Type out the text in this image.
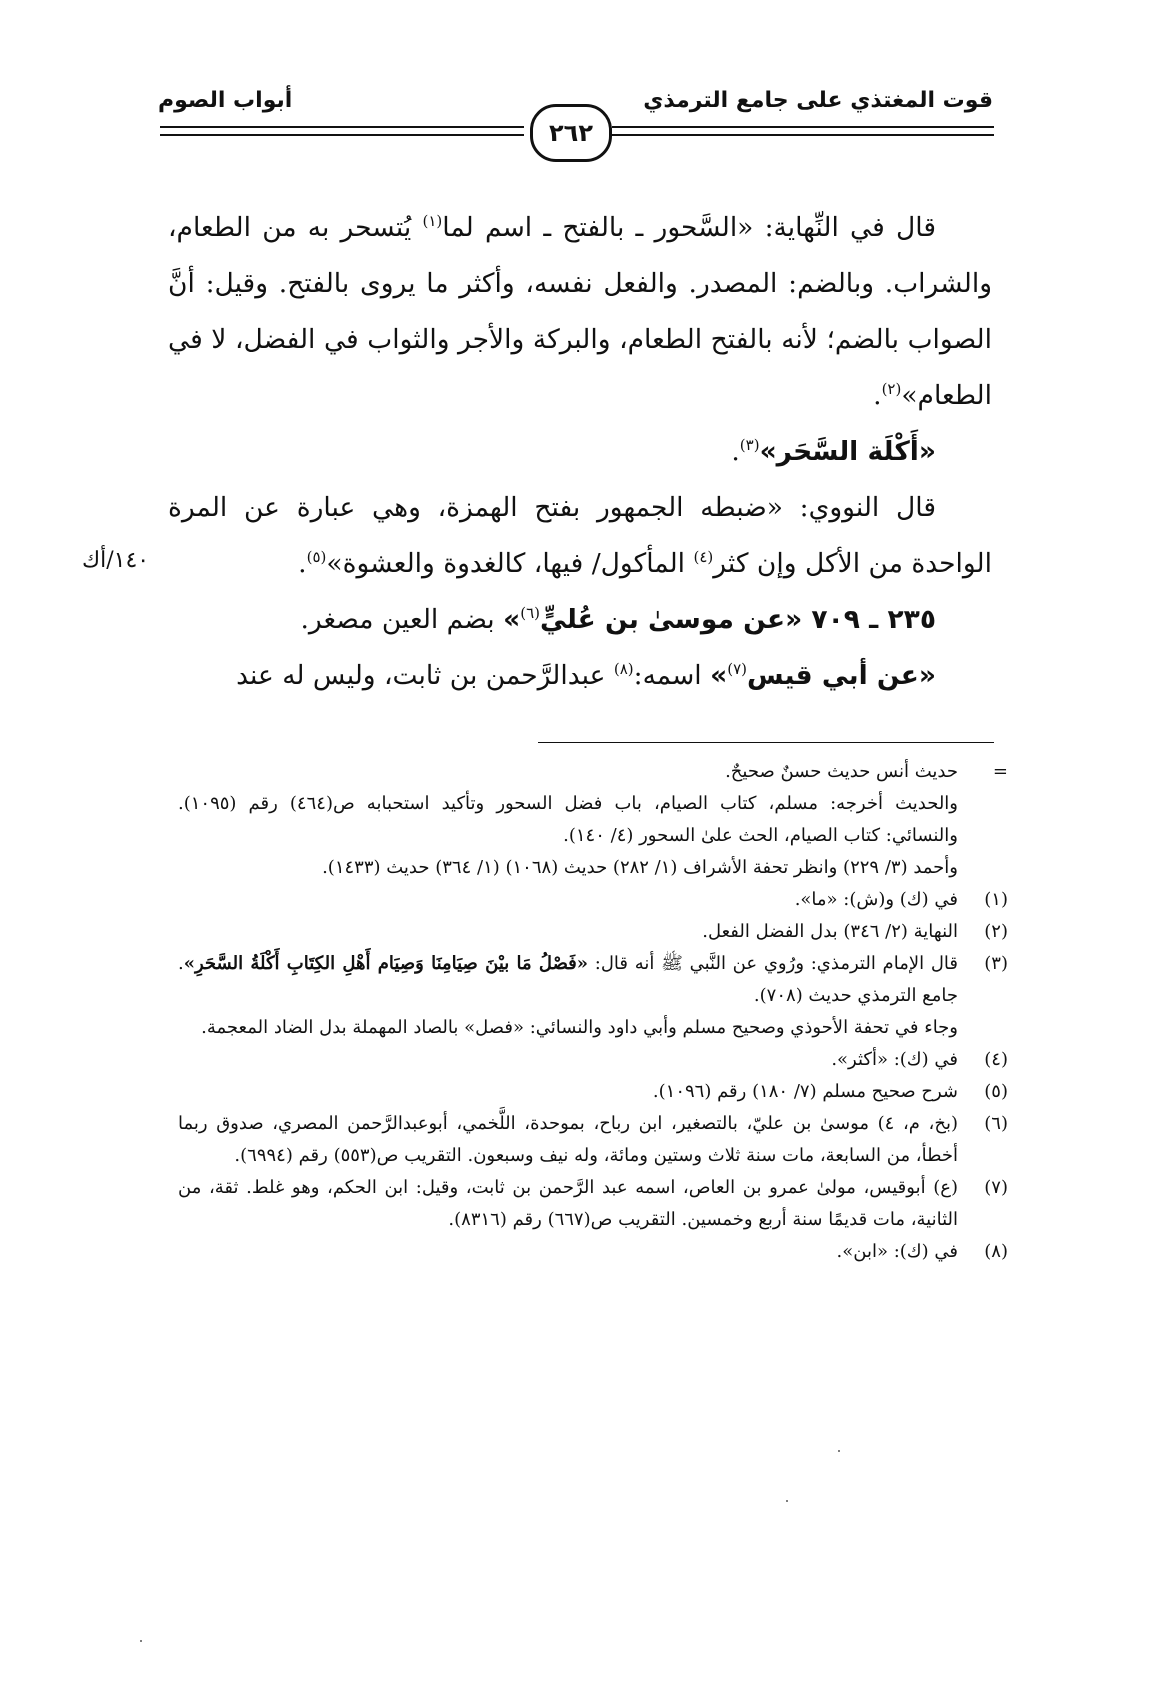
قوت المغتذي على جامع الترمذي
٢٦٢
أبواب الصوم

قال في النِّهاية: «السَّحور ـ بالفتح ـ اسم لما$^{(١)}$ يُتسحر به من الطعام، والشراب. وبالضم: المصدر. والفعل نفسه، وأكثر ما يروى بالفتح. وقيل: أنَّ الصواب بالضم؛ لأنه بالفتح الطعام، والبركة والأجر والثواب في الفضل، لا في الطعام»$^{(٢)}$.

«أَكْلَة السَّحَر»$^{(٣)}$.

قال النووي: «ضبطه الجمهور بفتح الهمزة، وهي عبارة عن المرة الواحدة من الأكل وإن كثر$^{(٤)}$ المأكول/ فيها، كالغدوة والعشوة»$^{(٥)}$.

٢٣٥ ـ ٧٠٩ «عن موسىٰ بن عُليٍّ$^{(٦)}$» بضم العين مصغر.

«عن أبي قيس$^{(٧)}$» اسمه:$^{(٨)}$ عبدالرَّحمن بن ثابت، وليس له عند

١٤٠/أك
=

حديث أنس حديث حسنٌ صحيحٌ.

والحديث أخرجه: مسلم، كتاب الصيام، باب فضل السحور وتأكيد استحبابه ص(٤٦٤) رقم (١٠٩٥). والنسائي: كتاب الصيام، الحث علىٰ السحور (٤/ ١٤٠).

وأحمد (٣/ ٢٢٩) وانظر تحفة الأشراف (١/ ٢٨٢) حديث (١٠٦٨) (١/ ٣٦٤) حديث (١٤٣٣).

(١)
في (ك) و(ش): «ما».
(٢)
النهاية (٢/ ٣٤٦) بدل الفضل الفعل.
(٣)

قال الإمام الترمذي: ورُوي عن النَّبي ﷺ أنه قال: «فَصْلُ مَا بيْنَ صِيَامِنَا وَصِيَام أَهْلِ الكِتَابِ أَكْلَةُ السَّحَرِ». جامع الترمذي حديث (٧٠٨).

وجاء في تحفة الأحوذي وصحيح مسلم وأبي داود والنسائي: «فصل» بالصاد المهملة بدل الضاد المعجمة.

(٤)
في (ك): «أكثر».
(٥)
شرح صحيح مسلم (٧/ ١٨٠) رقم (١٠٩٦).
(٦)
(بخ، م، ٤) موسىٰ بن عليّ، بالتصغير، ابن رباح، بموحدة، اللَّخمي، أبوعبدالرَّحمن المصري، صدوق ربما أخطأ، من السابعة، مات سنة ثلاث وستين ومائة، وله نيف وسبعون. التقريب ص(٥٥٣) رقم (٦٩٩٤).
(٧)
(ع) أبوقيس، مولىٰ عمرو بن العاص، اسمه عبد الرَّحمن بن ثابت، وقيل: ابن الحكم، وهو غلط. ثقة، من الثانية، مات قديمًا سنة أربع وخمسين. التقريب ص(٦٦٧) رقم (٨٣١٦).
(٨)
في (ك): «ابن».
